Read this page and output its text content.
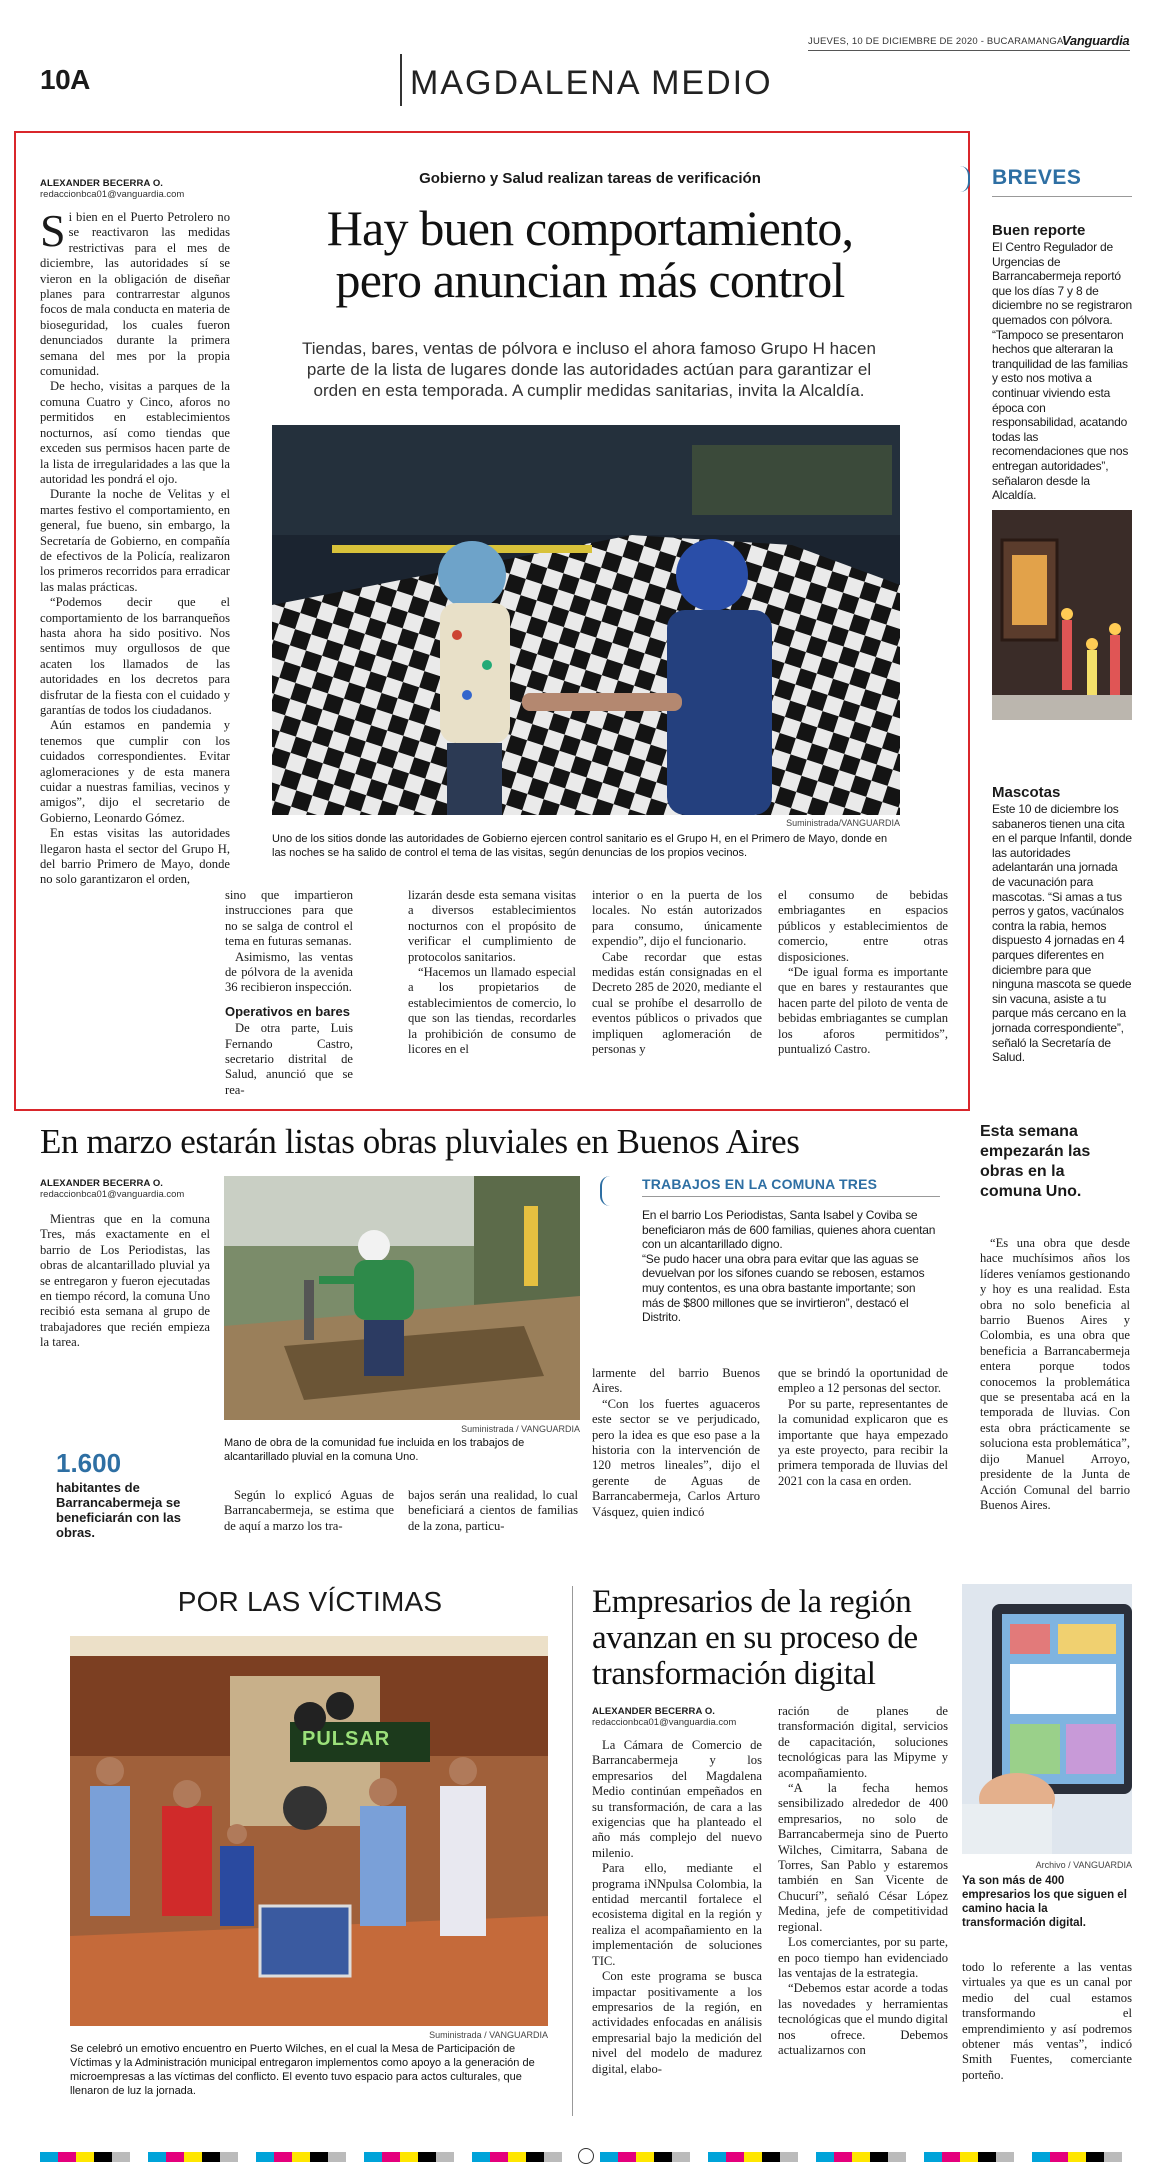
10A	MAGDALENA MEDIO
JUEVES, 10 DE DICIEMBRE DE 2020 - BUCARAMANGA
Vanguardia
ALEXANDER BECERRA O.
redaccionbca01@vanguardia.com
Gobierno y Salud realizan tareas de verificación
Hay buen comportamiento,
pero anuncian más control
Tiendas, bares, ventas de pólvora e incluso el ahora famoso Grupo H hacen parte de la lista de lugares donde las autoridades actúan para garantizar el orden en esta temporada. A cumplir medidas sanitarias, invita la Alcaldía.

Si bien en el Puerto Petrolero no se reactivaron las medidas restrictivas para el mes de diciembre, las autoridades sí se vieron en la obligación de diseñar planes para contrarrestar algunos focos de mala conducta en materia de bioseguridad, los cuales fueron denunciados durante la primera semana del mes por la propia comunidad.

De hecho, visitas a parques de la comuna Cuatro y Cinco, aforos no permitidos en establecimientos nocturnos, así como tiendas que exceden sus permisos hacen parte de la lista de irregularidades a las que la autoridad les pondrá el ojo.

Durante la noche de Velitas y el martes festivo el comportamiento, en general, fue bueno, sin embargo, la Secretaría de Gobierno, en compañía de efectivos de la Policía, realizaron los primeros recorridos para erradicar las malas prácticas.

“Podemos decir que el comportamiento de los barranqueños hasta ahora ha sido positivo. Nos sentimos muy orgullosos de que acaten los llamados de las autoridades en los decretos para disfrutar de la fiesta con el cuidado y garantías de todos los ciudadanos.

Aún estamos en pandemia y tenemos que cumplir con los cuidados correspondientes. Evitar aglomeraciones y de esta manera cuidar a nuestras familias, vecinos y amigos”, dijo el secretario de Gobierno, Leonardo Gómez.

En estas visitas las autoridades llegaron hasta el sector del Grupo H, del barrio Primero de Mayo, donde no solo garantizaron el orden,

Suministrada/VANGUARDIA
Uno de los sitios donde las autoridades de Gobierno ejercen control sanitario es el Grupo H, en el Primero de Mayo, donde en las noches se ha salido de control el tema de las visitas, según denuncias de los propios vecinos.

sino que impartieron instrucciones para que no se salga de control el tema en futuras semanas.

Asimismo, las ventas de pólvora de la avenida 36 recibieron inspección.

Operativos en bares

De otra parte, Luis Fernando Castro, secretario distrital de Salud, anunció que se rea-

lizarán desde esta semana visitas a diversos establecimientos nocturnos con el propósito de verificar el cumplimiento de protocolos sanitarios.

“Hacemos un llamado especial a los propietarios de establecimientos de comercio, lo que son las tiendas, recordarles la prohibición de consumo de licores en el

interior o en la puerta de los locales. No están autorizados para consumo, únicamente expendio”, dijo el funcionario.

Cabe recordar que estas medidas están consignadas en el Decreto 285 de 2020, mediante el cual se prohíbe el desarrollo de eventos públicos o privados que impliquen aglomeración de personas y

el consumo de bebidas embriagantes en espacios públicos y establecimientos de comercio, entre otras disposiciones.

“De igual forma es importante que en bares y restaurantes que hacen parte del piloto de venta de bebidas embriagantes se cumplan los aforos permitidos”, puntualizó Castro.

BREVES
Buen reporte
El Centro Regulador de Urgencias de Barrancabermeja reportó que los días 7 y 8 de diciembre no se registraron quemados con pólvora. “Tampoco se presentaron hechos que alteraran la tranquilidad de las familias y esto nos motiva a continuar viviendo esta época con responsabilidad, acatando todas las recomendaciones que nos entregan autoridades”, señalaron desde la Alcaldía.
Mascotas
Este 10 de diciembre los sabaneros tienen una cita en el parque Infantil, donde las autoridades adelantarán una jornada de vacunación para mascotas. “Si amas a tus perros y gatos, vacúnalos contra la rabia, hemos dispuesto 4 jornadas en 4 parques diferentes en diciembre para que ninguna mascota se quede sin vacuna, asiste a tu parque más cercano en la jornada correspondiente”, señaló la Secretaría de Salud.
En marzo estarán listas obras pluviales en Buenos Aires
ALEXANDER BECERRA O.
redaccionbca01@vanguardia.com

Mientras que en la comuna Tres, más exactamente en el barrio de Los Periodistas, las obras de alcantarillado pluvial ya se entregaron y fueron ejecutadas en tiempo récord, la comuna Uno recibió esta semana al grupo de trabajadores que recién empieza la tarea.

1.600
habitantes de Barrancabermeja se beneficiarán con las obras.
Suministrada / VANGUARDIA
Mano de obra de la comunidad fue incluida en los trabajos de alcantarillado pluvial en la comuna Uno.

Según lo explicó Aguas de Barrancabermeja, se estima que de aquí a marzo los tra-

bajos serán una realidad, lo cual beneficiará a cientos de familias de la zona, particu-

TRABAJOS EN LA COMUNA TRES
En el barrio Los Periodistas, Santa Isabel y Coviba se beneficiaron más de 600 familias, quienes ahora cuentan con un alcantarillado digno.
“Se pudo hacer una obra para evitar que las aguas se devuelvan por los sifones cuando se rebosen, estamos muy contentos, es una obra bastante importante; son más de $800 millones que se invirtieron”, destacó el Distrito.

larmente del barrio Buenos Aires.

“Con los fuertes aguaceros este sector se ve perjudicado, pero la idea es que eso pase a la historia con la intervención de 120 metros lineales”, dijo el gerente de Aguas de Barrancabermeja, Carlos Arturo Vásquez, quien indicó

que se brindó la oportunidad de empleo a 12 personas del sector.

Por su parte, representantes de la comunidad explicaron que es importante que haya empezado ya este proyecto, para recibir la primera temporada de lluvias del 2021 con la casa en orden.

Esta semana empezarán las obras en la comuna Uno.

“Es una obra que desde hace muchísimos años los líderes veníamos gestionando y hoy es una realidad. Esta obra no solo beneficia al barrio Buenos Aires y Colombia, es una obra que beneficia a Barrancabermeja entera porque todos conocemos la problemática que se presentaba acá en la temporada de lluvias. Con esta obra prácticamente se soluciona esta problemática”, dijo Manuel Arroyo, presidente de la Junta de Acción Comunal del barrio Buenos Aires.

POR LAS VÍCTIMAS
PULSAR
Suministrada / VANGUARDIA
Se celebró un emotivo encuentro en Puerto Wilches, en el cual la Mesa de Participación de Víctimas y la Administración municipal entregaron implementos como apoyo a la generación de microempresas a las víctimas del conflicto. El evento tuvo espacio para actos culturales, que llenaron de luz la jornada.
Empresarios de la región
avanzan en su proceso de
transformación digital
ALEXANDER BECERRA O.
redaccionbca01@vanguardia.com

La Cámara de Comercio de Barrancabermeja y los empresarios del Magdalena Medio continúan empeñados en su transformación, de cara a las exigencias que ha planteado el año más complejo del nuevo milenio.

Para ello, mediante el programa iNNpulsa Colombia, la entidad mercantil fortalece el ecosistema digital en la región y realiza el acompañamiento en la implementación de soluciones TIC.

Con este programa se busca impactar positivamente a los empresarios de la región, en actividades enfocadas en análisis empresarial bajo la medición del nivel del modelo de madurez digital, elabo-

ración de planes de transformación digital, servicios de capacitación, soluciones tecnológicas para las Mipyme y acompañamiento.

“A la fecha hemos sensibilizado alrededor de 400 empresarios, no solo de Barrancabermeja sino de Puerto Wilches, Cimitarra, Sabana de Torres, San Pablo y estaremos también en San Vicente de Chucurí”, señaló César López Medina, jefe de competitividad regional.

Los comerciantes, por su parte, en poco tiempo han evidenciado las ventajas de la estrategia.

“Debemos estar acorde a todas las novedades y herramientas tecnológicas que el mundo digital nos ofrece. Debemos actualizarnos con

Archivo / VANGUARDIA
Ya son más de 400 empresarios los que siguen el camino hacia la transformación digital.

todo lo referente a las ventas virtuales ya que es un canal por medio del cual estamos transformando el emprendimiento y así podremos obtener más ventas”, indicó Smith Fuentes, comerciante porteño.
